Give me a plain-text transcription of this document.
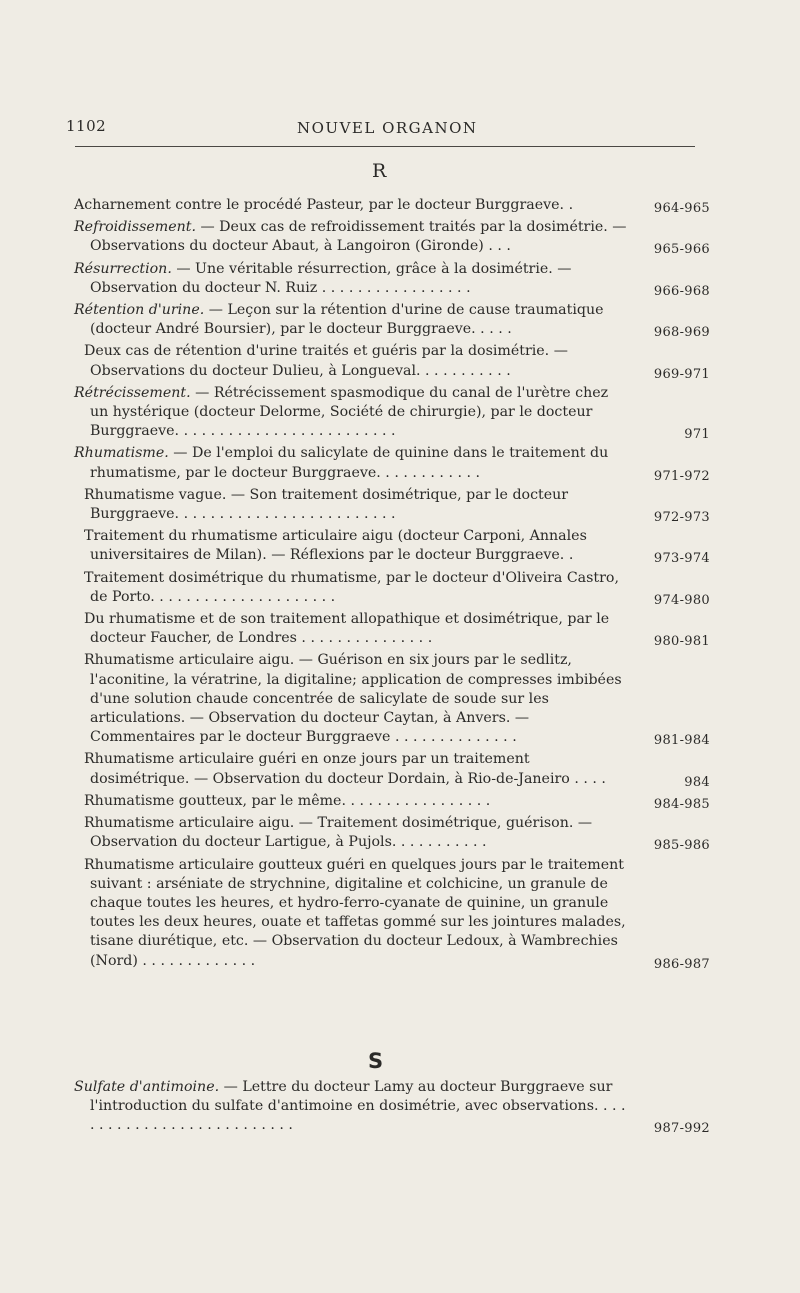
1102	NOUVEL ORGANON
R
Acharnement contre le procédé Pasteur, par le docteur Burggraeve. .	964-965
Refroidissement. — Deux cas de refroidissement traités par la dosimétrie. — Observations du docteur Abaut, à Langoiron (Gironde) . . .	965-966
Résurrection. — Une véritable résurrection, grâce à la dosimétrie. — Observation du docteur N. Ruiz . . . . . . . . . . . . . . . . .	966-968
Rétention d'urine. — Leçon sur la rétention d'urine de cause traumatique (docteur André Boursier), par le docteur Burggraeve. . . . .	968-969
Deux cas de rétention d'urine traités et guéris par la dosimétrie. — Observations du docteur Dulieu, à Longueval. . . . . . . . . . .	969-971
Rétrécissement. — Rétrécissement spasmodique du canal de l'urètre chez un hystérique (docteur Delorme, Société de chirurgie), par le docteur Burggraeve. . . . . . . . . . . . . . . . . . . . . . . . .	971
Rhumatisme. — De l'emploi du salicylate de quinine dans le traitement du rhumatisme, par le docteur Burggraeve. . . . . . . . . . . .	971-972
Rhumatisme vague. — Son traitement dosimétrique, par le docteur Burggraeve. . . . . . . . . . . . . . . . . . . . . . . . .	972-973
Traitement du rhumatisme articulaire aigu (docteur Carponi, Annales universitaires de Milan). — Réflexions par le docteur Burggraeve. .	973-974
Traitement dosimétrique du rhumatisme, par le docteur d'Oliveira Castro, de Porto. . . . . . . . . . . . . . . . . . . . .	974-980
Du rhumatisme et de son traitement allopathique et dosimétrique, par le docteur Faucher, de Londres . . . . . . . . . . . . . . .	980-981
Rhumatisme articulaire aigu. — Guérison en six jours par le sedlitz, l'aconitine, la vératrine, la digitaline; application de compresses imbibées d'une solution chaude concentrée de salicylate de soude sur les articulations. — Observation du docteur Caytan, à Anvers. — Commentaires par le docteur Burggraeve . . . . . . . . . . . . . .	981-984
Rhumatisme articulaire guéri en onze jours par un traitement dosimétrique. — Observation du docteur Dordain, à Rio-de-Janeiro . . . .	984
Rhumatisme goutteux, par le même. . . . . . . . . . . . . . . . .	984-985
Rhumatisme articulaire aigu. — Traitement dosimétrique, guérison. — Observation du docteur Lartigue, à Pujols. . . . . . . . . . .	985-986
Rhumatisme articulaire goutteux guéri en quelques jours par le traitement suivant : arséniate de strychnine, digitaline et colchicine, un granule de chaque toutes les heures, et hydro-ferro-cyanate de quinine, un granule toutes les deux heures, ouate et taffetas gommé sur les jointures malades, tisane diurétique, etc. — Observation du docteur Ledoux, à Wambrechies (Nord) . . . . . . . . . . . . .	986-987
S
Sulfate d'antimoine. — Lettre du docteur Lamy au docteur Burggraeve sur l'introduction du sulfate d'antimoine en dosimétrie, avec observations. . . . . . . . . . . . . . . . . . . . . . . . . . .	987-992
